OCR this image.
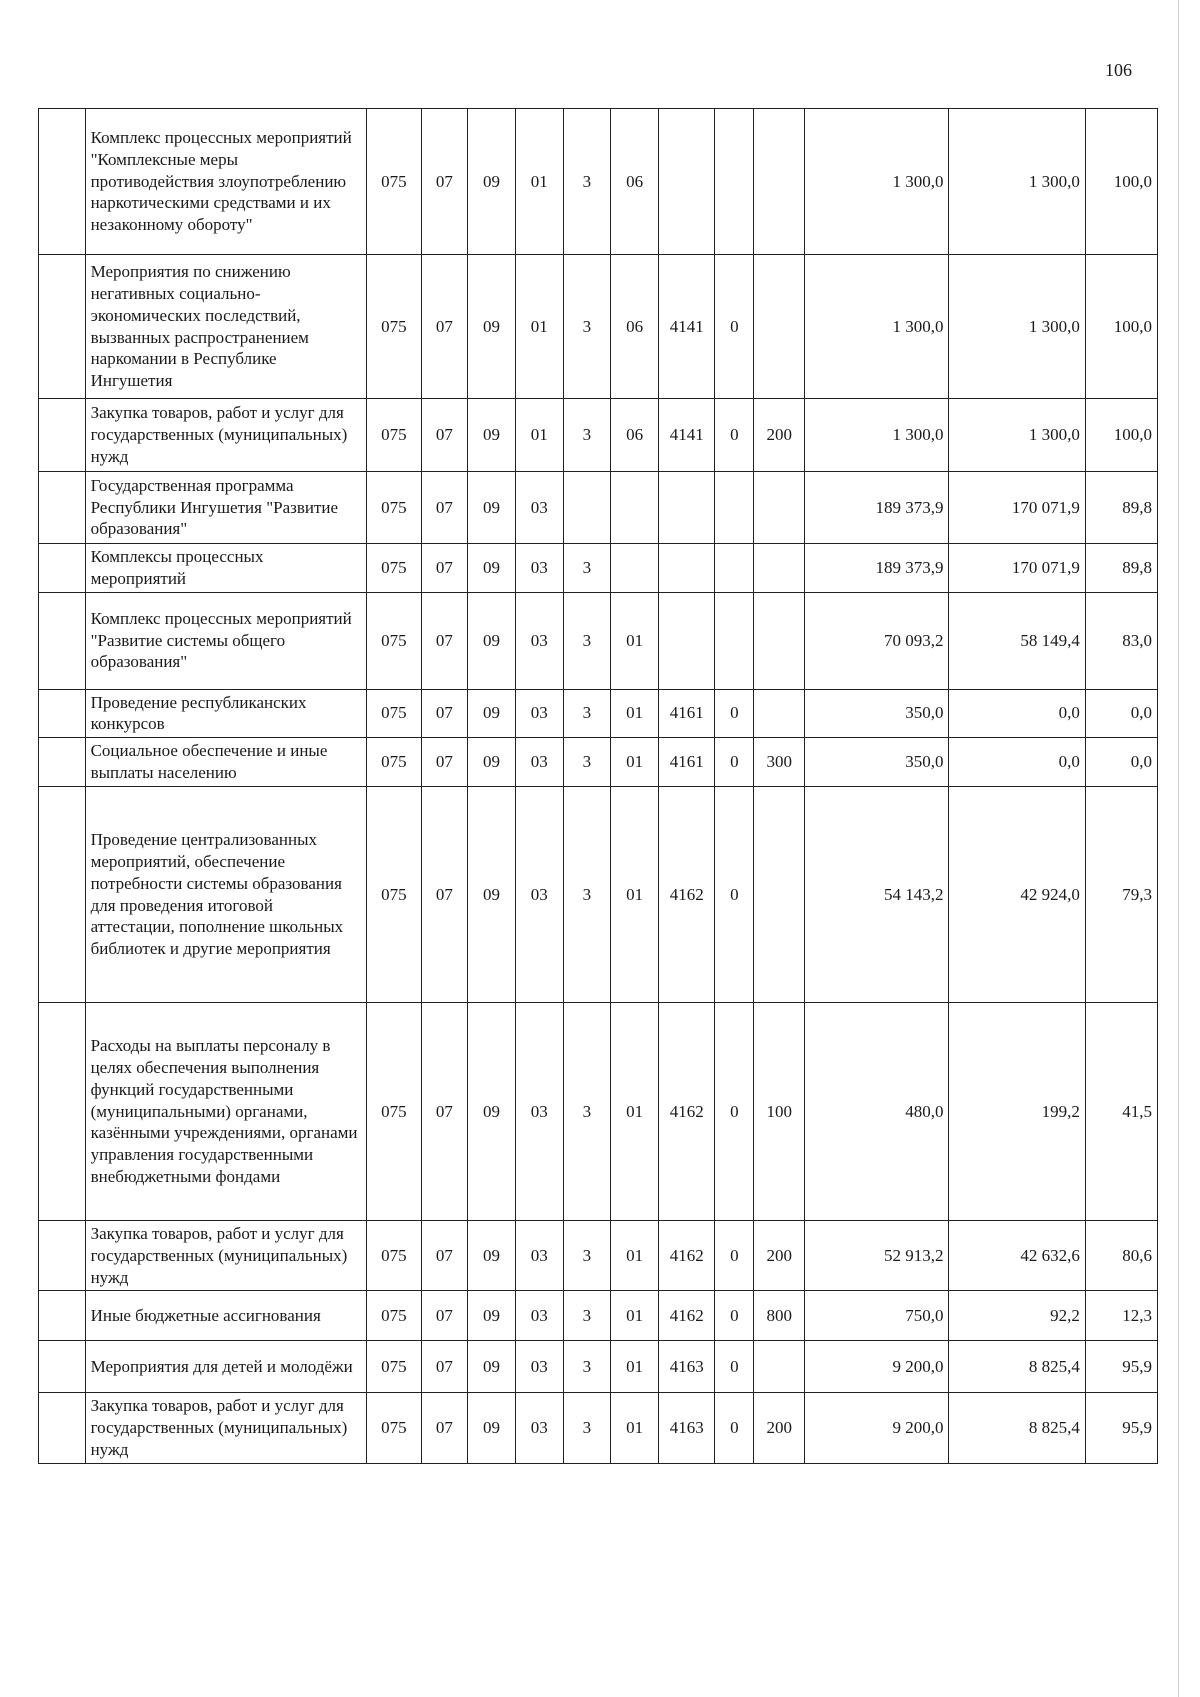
106
	Комплекс процессных мероприятий "Комплексные меры противодействия злоупотреблению наркотическими средствами и их незаконному обороту"	075	07	09	01	3	06				1 300,0	1 300,0	100,0
	Мероприятия по снижению негативных социально-экономических последствий, вызванных распространением наркомании в Республике Ингушетия	075	07	09	01	3	06	4141	0		1 300,0	1 300,0	100,0
	Закупка товаров, работ и услуг для государственных (муниципальных) нужд	075	07	09	01	3	06	4141	0	200	1 300,0	1 300,0	100,0
	Государственная программа Республики Ингушетия "Развитие образования"	075	07	09	03						189 373,9	170 071,9	89,8
	Комплексы процессных мероприятий	075	07	09	03	3					189 373,9	170 071,9	89,8
	Комплекс процессных мероприятий "Развитие системы общего образования"	075	07	09	03	3	01				70 093,2	58 149,4	83,0
	Проведение республиканских конкурсов	075	07	09	03	3	01	4161	0		350,0	0,0	0,0
	Социальное обеспечение и иные выплаты населению	075	07	09	03	3	01	4161	0	300	350,0	0,0	0,0
	Проведение централизованных мероприятий, обеспечение потребности системы образования для проведения итоговой аттестации, пополнение школьных библиотек и другие мероприятия	075	07	09	03	3	01	4162	0		54 143,2	42 924,0	79,3
	Расходы на выплаты персоналу в целях обеспечения выполнения функций государственными (муниципальными) органами, казёнными учреждениями, органами управления государственными внебюджетными фондами	075	07	09	03	3	01	4162	0	100	480,0	199,2	41,5
	Закупка товаров, работ и услуг для государственных (муниципальных) нужд	075	07	09	03	3	01	4162	0	200	52 913,2	42 632,6	80,6
	Иные бюджетные ассигнования	075	07	09	03	3	01	4162	0	800	750,0	92,2	12,3
	Мероприятия для детей и молодёжи	075	07	09	03	3	01	4163	0		9 200,0	8 825,4	95,9
	Закупка товаров, работ и услуг для государственных (муниципальных) нужд	075	07	09	03	3	01	4163	0	200	9 200,0	8 825,4	95,9
